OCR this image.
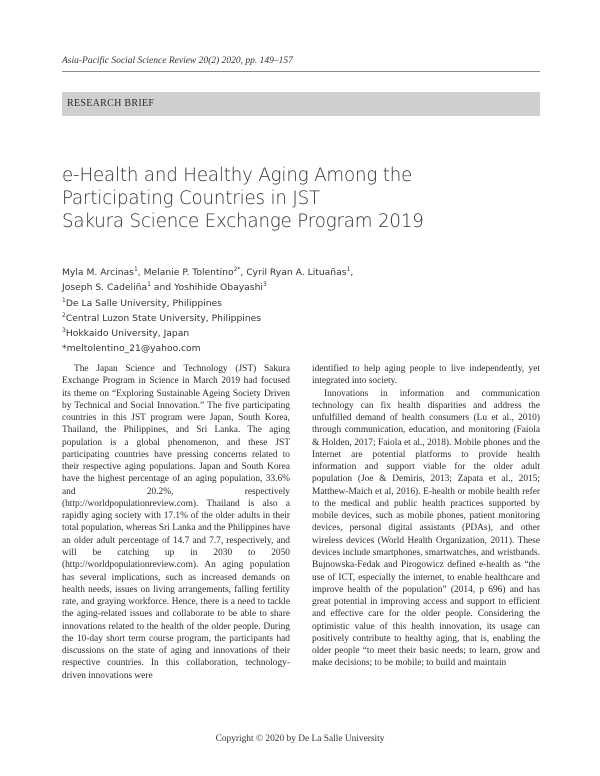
Asia-Pacific Social Science Review 20(2) 2020, pp. 149–157
RESEARCH BRIEF
e-Health and Healthy Aging Among the
Participating Countries in JST
Sakura Science Exchange Program 2019
Myla M. Arcinas$^1$, Melanie P. Tolentino$^{2*}$, Cyril Ryan A. Lituañas$^1$,
Joseph S. Cadeliña$^1$ and Yoshihide Obayashi$^3$
$^1$De La Salle University, Philippines
$^2$Central Luzon State University, Philippines
$^3$Hokkaido University, Japan
*meltolentino_21@yahoo.com

The Japan Science and Technology (JST) Sakura Exchange Program in Science in March 2019 had focused its theme on “Exploring Sustainable Ageing Society Driven by Technical and Social Innovation.” The five participating countries in this JST program were Japan, South Korea, Thailand, the Philippines, and Sri Lanka. The aging population is a global phenomenon, and these JST participating countries have pressing concerns related to their respective aging populations. Japan and South Korea have the highest percentage of an aging population, 33.6% and 20.2%, respectively (http://worldpopulationreview.com). Thailand is also a rapidly aging society with 17.1% of the older adults in their total population, whereas Sri Lanka and the Philippines have an older adult percentage of 14.7 and 7.7, respectively, and will be catching up in 2030 to 2050 (http://worldpopulationreview.com). An aging population has several implications, such as increased demands on health needs, issues on living arrangements, falling fertility rate, and graying workforce. Hence, there is a need to tackle the aging-related issues and collaborate to be able to share innovations related to the health of the older people. During the 10-day short term course program, the participants had discussions on the state of aging and innovations of their respective countries. In this collaboration, technology-driven innovations were

identified to help aging people to live independently, yet integrated into society.

Innovations in information and communication technology can fix health disparities and address the unfulfilled demand of health consumers (Lu et al., 2010) through communication, education, and monitoring (Faiola & Holden, 2017; Faiola et al., 2018). Mobile phones and the Internet are potential platforms to provide health information and support viable for the older adult population (Joe & Demiris, 2013; Zapata et al., 2015; Matthew-Maich et al, 2016). E-health or mobile health refer to the medical and public health practices supported by mobile devices, such as mobile phones, patient monitoring devices, personal digital assistants (PDAs), and other wireless devices (World Health Organization, 2011). These devices include smartphones, smartwatches, and wristbands. Bujnowska-Fedak and Pirogowicz defined e-health as “the use of ICT, especially the internet, to enable healthcare and improve health of the population” (2014, p 696) and has great potential in improving access and support to efficient and effective care for the older people. Considering the optimistic value of this health innovation, its usage can positively contribute to healthy aging, that is, enabling the older people “to meet their basic needs; to learn, grow and make decisions; to be mobile; to build and maintain

Copyright © 2020 by De La Salle University
